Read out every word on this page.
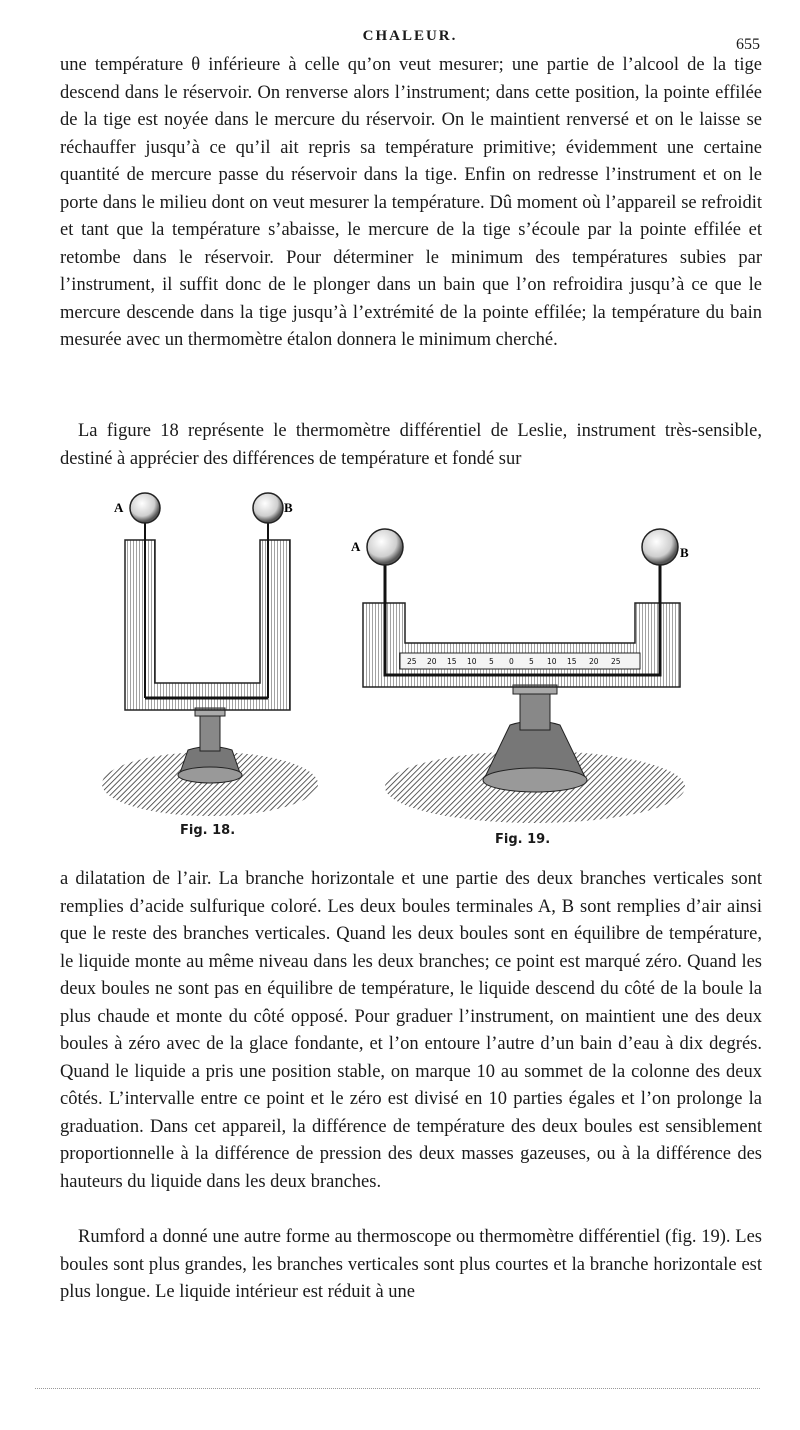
CHALEUR.	655

une température θ inférieure à celle qu’on veut mesurer; une partie de l’alcool de la tige descend dans le réservoir. On renverse alors l’instrument; dans cette position, la pointe effilée de la tige est noyée dans le mercure du réservoir. On le maintient renversé et on le laisse se réchauffer jusqu’à ce qu’il ait repris sa température primitive; évidemment une certaine quantité de mercure passe du réservoir dans la tige. Enfin on redresse l’instrument et on le porte dans le milieu dont on veut mesurer la température. Dû moment où l’appareil se refroidit et tant que la température s’abaisse, le mercure de la tige s’écoule par la pointe effilée et retombe dans le réservoir. Pour déterminer le minimum des températures subies par l’instrument, il suffit donc de le plonger dans un bain que l’on refroidira jusqu’à ce que le mercure descende dans la tige jusqu’à l’extrémité de la pointe effilée; la température du bain mesurée avec un thermomètre étalon donnera le minimum cherché.

La figure 18 représente le thermomètre différentiel de Leslie, instrument très-sensible, destiné à apprécier des différences de température et fondé sur

A	B
Fig. 18.
25 20 15 10 5 0 5 10 15 20 25
A	B
Fig. 19.

a dilatation de l’air. La branche horizontale et une partie des deux branches verticales sont remplies d’acide sulfurique coloré. Les deux boules terminales A, B sont remplies d’air ainsi que le reste des branches verticales. Quand les deux boules sont en équilibre de température, le liquide monte au même niveau dans les deux branches; ce point est marqué zéro. Quand les deux boules ne sont pas en équilibre de température, le liquide descend du côté de la boule la plus chaude et monte du côté opposé. Pour graduer l’instrument, on maintient une des deux boules à zéro avec de la glace fondante, et l’on entoure l’autre d’un bain d’eau à dix degrés. Quand le liquide a pris une position stable, on marque 10 au sommet de la colonne des deux côtés. L’intervalle entre ce point et le zéro est divisé en 10 parties égales et l’on prolonge la graduation. Dans cet appareil, la différence de température des deux boules est sensiblement proportionnelle à la différence de pression des deux masses gazeuses, ou à la différence des hauteurs du liquide dans les deux branches.

Rumford a donné une autre forme au thermoscope ou thermomètre différentiel (fig. 19). Les boules sont plus grandes, les branches verticales sont plus courtes et la branche horizontale est plus longue. Le liquide intérieur est réduit à une
